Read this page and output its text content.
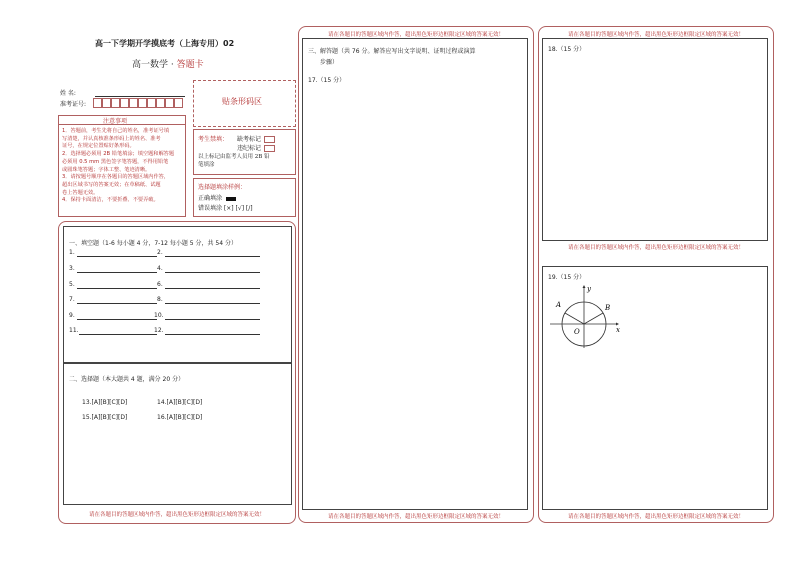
高一下学期开学摸底考（上海专用）02
高一数学 · 答题卡
姓 名:
准考证号:	贴条形码区
注意事项
1．答题前，考生先将自己的姓名，准考证号填
写清楚，并认真核准条形码上的姓名、准考
证号，在规定位置贴好条形码。
2．选择题必须用 2B 铅笔填涂；填空题和解答题
必须用 0.5 mm 黑色签字笔答题，不得用铅笔
或圆珠笔答题；字体工整、笔迹清晰。
3．请按题号顺序在各题目的答题区域内作答，
超出区域书写的答案无效；在草稿纸、试题
卷上答题无效。
4．保持卡面清洁，不要折叠、不要弄破。
考生禁填： 缺考标记
违纪标记
以上标记由监考人员用 2B 铅
笔填涂
选择题填涂样例：
正确填涂
错误填涂 [×] [√] [/]
一、填空题（1-6 每小题 4 分，7-12 每小题 5 分，共 54 分）
1.	2.
3.	4.
5.	6.
7.	8.
9.	10.
11.	12.
二、选择题（本大题共 4 题，满分 20 分）
13.[A][B][C][D]	14.[A][B][C][D]
15.[A][B][C][D]	16.[A][B][C][D]
请在各题目的答题区域内作答，超出黑色矩形边框限定区域的答案无效！
请在各题目的答题区域内作答，超出黑色矩形边框限定区域的答案无效！
三、解答题（共 76 分。解答应写出文字说明、证明过程或演算
步骤）
17.（15 分）
请在各题目的答题区域内作答，超出黑色矩形边框限定区域的答案无效！
请在各题目的答题区域内作答，超出黑色矩形边框限定区域的答案无效！
18.（15 分）
请在各题目的答题区域内作答，超出黑色矩形边框限定区域的答案无效！
19.（15 分）
A	B
O	x
y
请在各题目的答题区域内作答，超出黑色矩形边框限定区域的答案无效！
